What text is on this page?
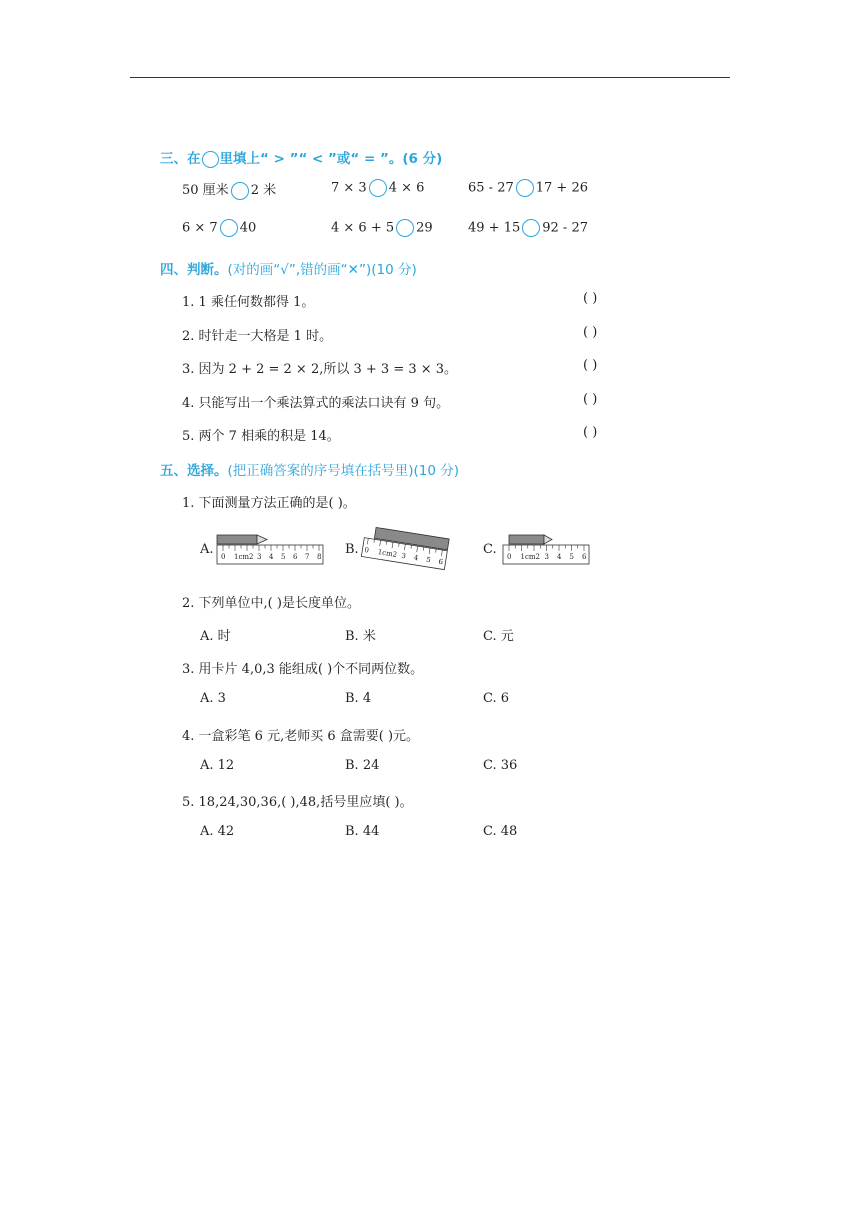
三、在 里填上“ > ”“ < ”或“ = ”。(6 分)
50 厘米 2 米	7 × 3 4 × 6	65 - 27 17 + 26
6 × 7 40	4 × 6 + 5 29	49 + 15 92 - 27
四、判断。(对的画“√”,错的画“✕”)(10 分)
1. 1 乘任何数都得 1。	( )
2. 时针走一大格是 1 时。	( )
3. 因为 2 + 2 = 2 × 2,所以 3 + 3 = 3 × 3。	( )
4. 只能写出一个乘法算式的乘法口诀有 9 句。	( )
5. 两个 7 相乘的积是 14。	( )
五、选择。(把正确答案的序号填在括号里)(10 分)
1. 下面测量方法正确的是( )。
A. 0 1cm2 3 4 5 6 7 8 B. 0 1cm2 3 4 5 6
C. 0 1cm2 3 4 5 6
2. 下列单位中,( )是长度单位。
A. 时	B. 米	C. 元
3. 用卡片 4,0,3 能组成( )个不同两位数。
A. 3	B. 4	C. 6
4. 一盒彩笔 6 元,老师买 6 盒需要( )元。
A. 12	B. 24	C. 36
5. 18,24,30,36,( ),48,括号里应填( )。
A. 42	B. 44	C. 48
